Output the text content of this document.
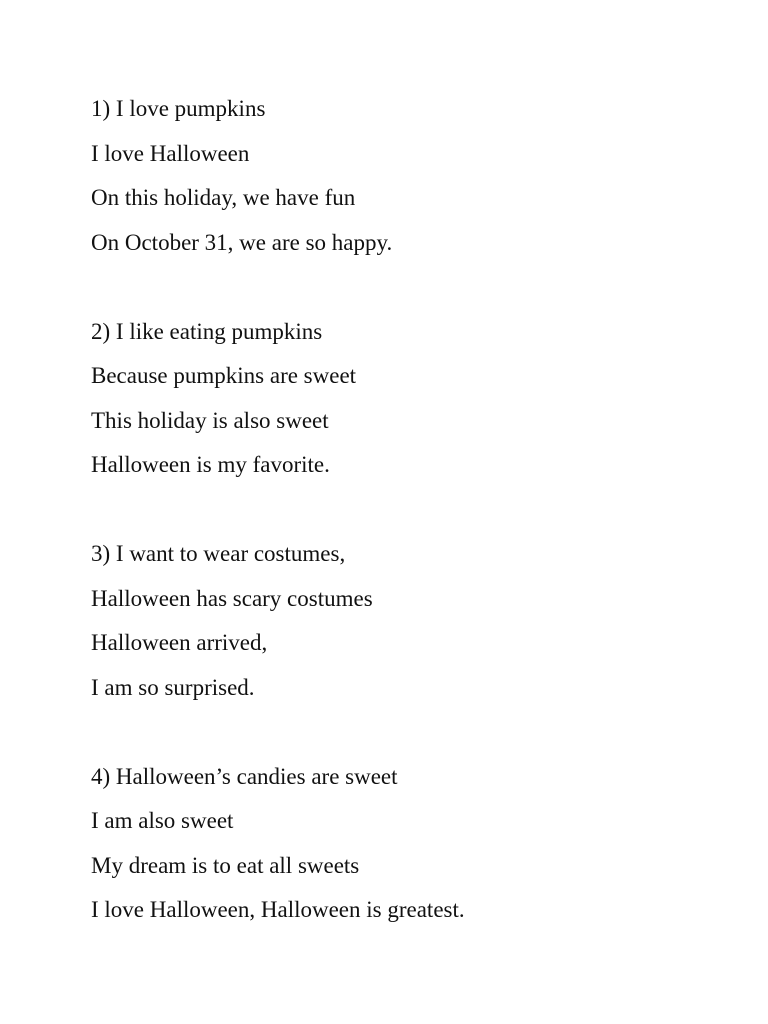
1) I love pumpkins
I love Halloween
On this holiday, we have fun
On October 31, we are so happy.
2) I like eating pumpkins
Because pumpkins are sweet
This holiday is also sweet
Halloween is my favorite.
3) I want to wear costumes,
Halloween has scary costumes
Halloween arrived,
I am so surprised.
4) Halloween’s candies are sweet
I am also sweet
My dream is to eat all sweets
I love Halloween, Halloween is greatest.
